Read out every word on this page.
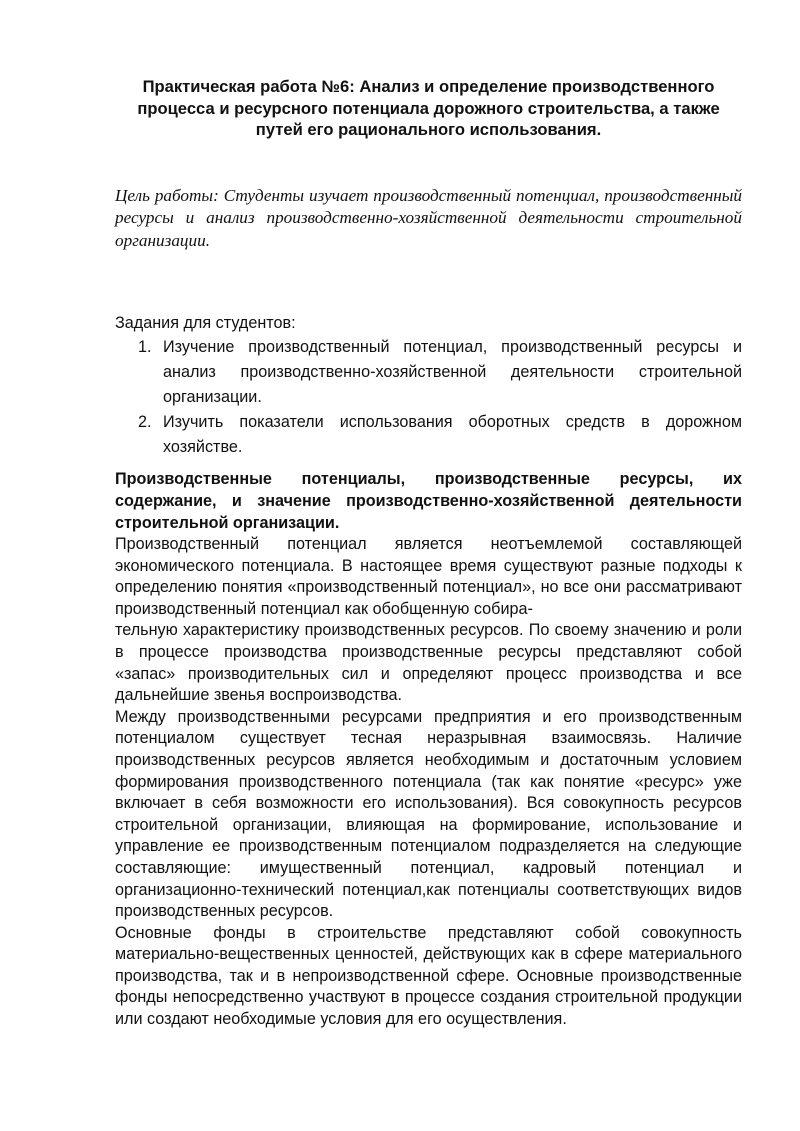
Практическая работа №6: Анализ и определение производственного
процесса и ресурсного потенциала дорожного строительства, а также
путей его рационального использования.
Цель работы: Студенты изучает производственный потенциал, производственный ресурсы и анализ производственно-хозяйственной деятельности строительной организации.
Задания для студентов:
1. Изучение производственный потенциал, производственный ресурсы и анализ производственно-хозяйственной деятельности строительной организации.
2. Изучить показатели использования оборотных средств в дорожном хозяйстве.
Производственные потенциалы, производственные ресурсы, их содержание, и значение производственно-хозяйственной деятельности строительной организации.

Производственный потенциал является неотъемлемой составляющей экономического потенциала. В настоящее время существуют разные подходы к определению понятия «производственный потенциал», но все они рассматривают производственный потенциал как обобщенную собира-

тельную характеристику производственных ресурсов. По своему значению и роли в процессе производства производственные ресурсы представляют собой «запас» производительных сил и определяют процесс производства и все дальнейшие звенья воспроизводства.

Между производственными ресурсами предприятия и его производственным потенциалом существует тесная неразрывная взаимосвязь. Наличие производственных ресурсов является необходимым и достаточным условием формирования производственного потенциала (так как понятие «ресурс» уже включает в себя возможности его использования). Вся совокупность ресурсов строительной организации, влияющая на формирование, использование и управление ее производственным потенциалом подразделяется на следующие составляющие: имущественный потенциал, кадровый потенциал и организационно-технический потенциал,как потенциалы соответствующих видов производственных ресурсов.

Основные фонды в строительстве представляют собой совокупность материально-вещественных ценностей, действующих как в сфере материального производства, так и в непроизводственной сфере. Основные производственные фонды непосредственно участвуют в процессе создания строительной продукции или создают необходимые условия для его осуществления.
